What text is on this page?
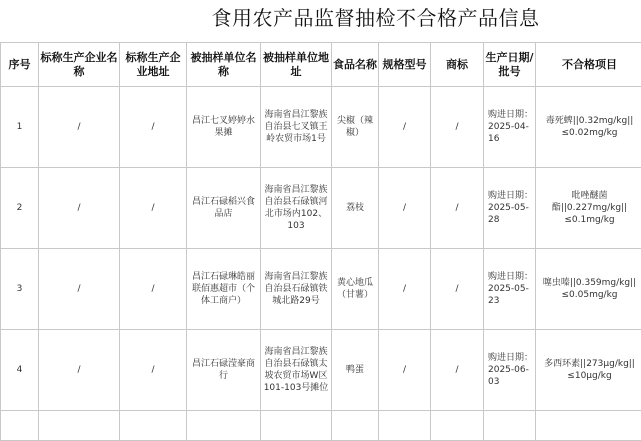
食用农产品监督抽检不合格产品信息
序号	标称生产企业名称	标称生产企业地址	被抽样单位名称	被抽样单位地址	食品名称	规格型号	商标	生产日期/批号	不合格项目
1	/	/	昌江七叉婷婷水果摊	海南省昌江黎族自治县七叉镇王岭农贸市场1号	尖椒（辣椒）	/	/	购进日期：2025-04-16	毒死蜱||0.32mg/kg||≤0.02mg/kg
2	/	/	昌江石碌稻兴食品店	海南省昌江黎族自治县石碌镇河北市场内102、103	荔枝	/	/	购进日期：2025-05-28	吡唑醚菌酯||0.227mg/kg||≤0.1mg/kg
3	/	/	昌江石碌琳皓丽联佰惠超市（个体工商户）	海南省昌江黎族自治县石碌镇铁城北路29号	黄心地瓜（甘薯）	/	/	购进日期：2025-05-23	噻虫嗪||0.359mg/kg||≤0.05mg/kg
4	/	/	昌江石碌滢豪商行	海南省昌江黎族自治县石碌镇太坡农贸市场W区101-103号摊位	鸭蛋	/	/	购进日期：2025-06-03	多西环素||273μg/kg||≤10μg/kg
